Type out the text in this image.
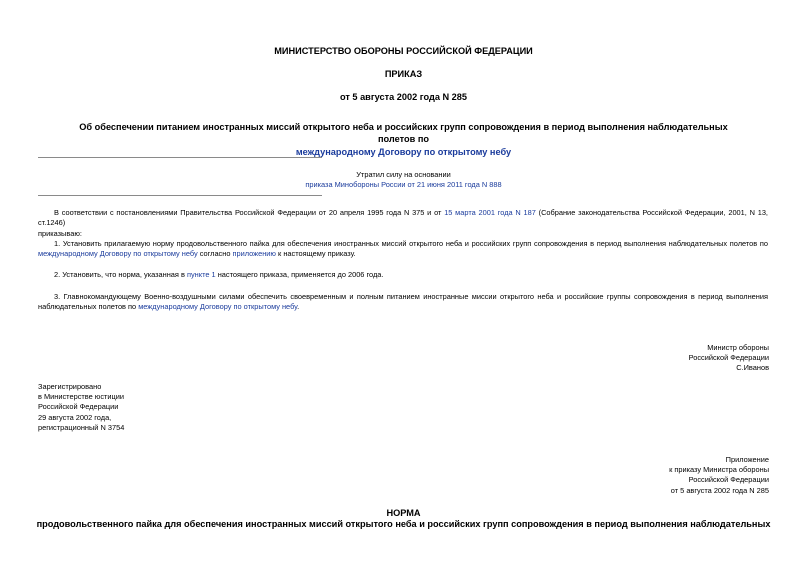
МИНИСТЕРСТВО ОБОРОНЫ РОССИЙСКОЙ ФЕДЕРАЦИИ
ПРИКАЗ
от 5 августа 2002 года N 285
Об обеспечении питанием иностранных миссий открытого неба и российских групп сопровождения в период выполнения наблюдательных полетов по
международному Договору по открытому небу
Утратил силу на основании
приказа Минобороны России от 21 июня 2011 года N 888
В соответствии с постановлениями Правительства Российской Федерации от 20 апреля 1995 года N 375 и от 15 марта 2001 года N 187 (Собрание законодательства Российской Федерации, 2001, N 13, ст.1246)
приказываю:
1. Установить прилагаемую норму продовольственного пайка для обеспечения иностранных миссий открытого неба и российских групп сопровождения в период выполнения наблюдательных полетов по международному Договору по открытому небу согласно приложению к настоящему приказу.
2. Установить, что норма, указанная в пункте 1 настоящего приказа, применяется до 2006 года.
3. Главнокомандующему Военно-воздушными силами обеспечить своевременным и полным питанием иностранные миссии открытого неба и российские группы сопровождения в период выполнения наблюдательных полетов по международному Договору по открытому небу.
Министр обороны
Российской Федерации
С.Иванов
Зарегистрировано
в Министерстве юстиции
Российской Федерации
29 августа 2002 года,
регистрационный N 3754
Приложение
к приказу Министра обороны
Российской Федерации
от 5 августа 2002 года N 285
НОРМА
продовольственного пайка для обеспечения иностранных миссий открытого неба и российских групп сопровождения в период выполнения наблюдательных
